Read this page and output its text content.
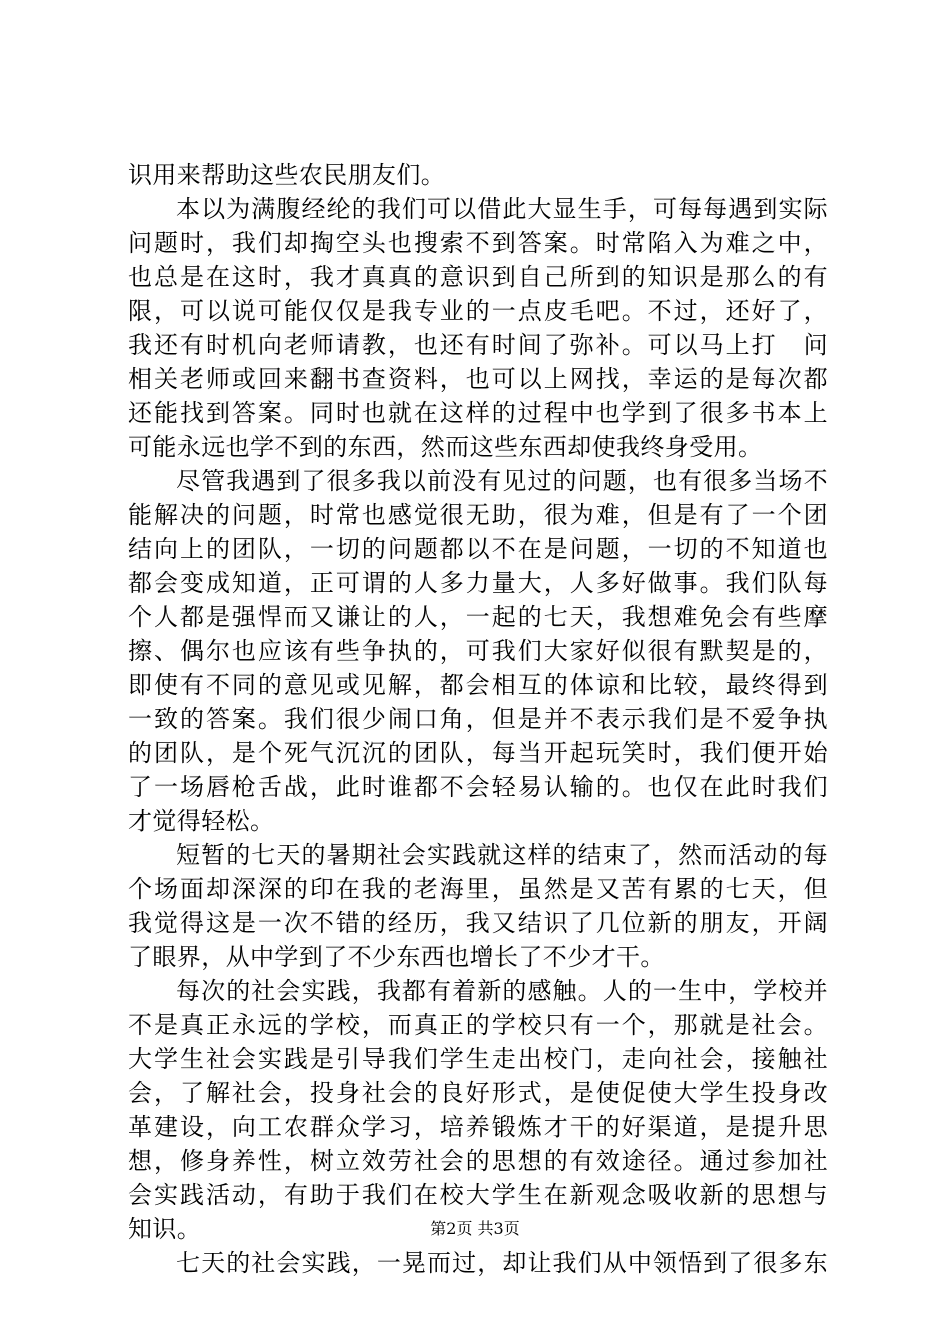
识用来帮助这些农民朋友们。
本以为满腹经纶的我们可以借此大显生手，可每每遇到实际
问题时，我们却掏空头也搜索不到答案。时常陷入为难之中，
也总是在这时，我才真真的意识到自己所到的知识是那么的有
限，可以说可能仅仅是我专业的一点皮毛吧。不过，还好了，
我还有时机向老师请教，也还有时间了弥补。可以马上打　问
相关老师或回来翻书查资料，也可以上网找，幸运的是每次都
还能找到答案。同时也就在这样的过程中也学到了很多书本上
可能永远也学不到的东西，然而这些东西却使我终身受用。
尽管我遇到了很多我以前没有见过的问题，也有很多当场不
能解决的问题，时常也感觉很无助，很为难，但是有了一个团
结向上的团队，一切的问题都以不在是问题，一切的不知道也
都会变成知道，正可谓的人多力量大，人多好做事。我们队每
个人都是强悍而又谦让的人，一起的七天，我想难免会有些摩
擦、偶尔也应该有些争执的，可我们大家好似很有默契是的，
即使有不同的意见或见解，都会相互的体谅和比较，最终得到
一致的答案。我们很少闹口角，但是并不表示我们是不爱争执
的团队，是个死气沉沉的团队，每当开起玩笑时，我们便开始
了一场唇枪舌战，此时谁都不会轻易认输的。也仅在此时我们
才觉得轻松。
短暂的七天的暑期社会实践就这样的结束了，然而活动的每
个场面却深深的印在我的老海里，虽然是又苦有累的七天，但
我觉得这是一次不错的经历，我又结识了几位新的朋友，开阔
了眼界，从中学到了不少东西也增长了不少才干。
每次的社会实践，我都有着新的感触。人的一生中，学校并
不是真正永远的学校，而真正的学校只有一个，那就是社会。
大学生社会实践是引导我们学生走出校门，走向社会，接触社
会，了解社会，投身社会的良好形式，是使促使大学生投身改
革建设，向工农群众学习，培养锻炼才干的好渠道，是提升思
想，修身养性，树立效劳社会的思想的有效途径。通过参加社
会实践活动，有助于我们在校大学生在新观念吸收新的思想与
知识。
七天的社会实践，一晃而过，却让我们从中领悟到了很多东
第2页 共3页
